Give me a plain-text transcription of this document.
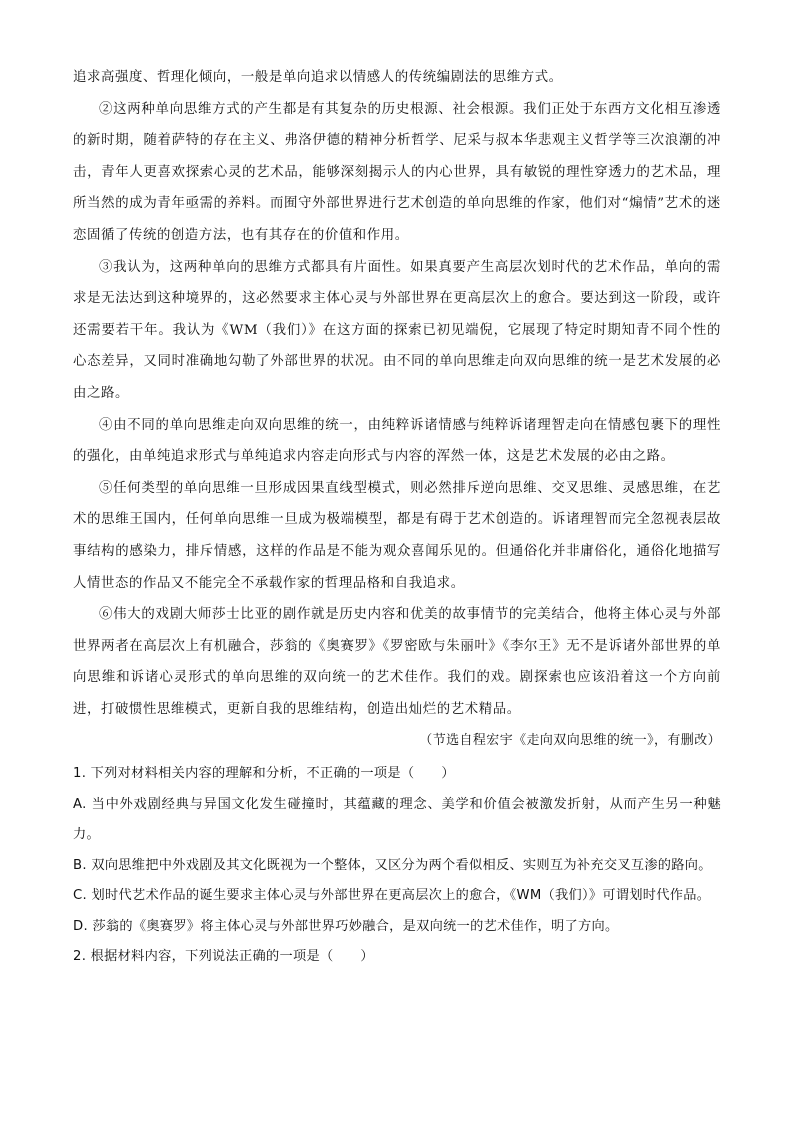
追求高强度、哲理化倾向，一般是单向追求以情感人的传统编剧法的思维方式。

②这两种单向思维方式的产生都是有其复杂的历史根源、社会根源。我们正处于东西方文化相互渗透的新时期，随着萨特的存在主义、弗洛伊德的精神分析哲学、尼采与叔本华悲观主义哲学等三次浪潮的冲击，青年人更喜欢探索心灵的艺术品，能够深刻揭示人的内心世界，具有敏锐的理性穿透力的艺术品，理所当然的成为青年亟需的养料。而囿守外部世界进行艺术创造的单向思维的作家，他们对“煽情”艺术的迷恋固循了传统的创造方法，也有其存在的价值和作用。

③我认为，这两种单向的思维方式都具有片面性。如果真要产生高层次划时代的艺术作品，单向的需求是无法达到这种境界的，这必然要求主体心灵与外部世界在更高层次上的愈合。要达到这一阶段，或许还需要若干年。我认为《WM（我们）》在这方面的探索已初见端倪，它展现了特定时期知青不同个性的心态差异，又同时准确地勾勒了外部世界的状况。由不同的单向思维走向双向思维的统一是艺术发展的必由之路。

④由不同的单向思维走向双向思维的统一，由纯粹诉诸情感与纯粹诉诸理智走向在情感包裹下的理性的强化，由单纯追求形式与单纯追求内容走向形式与内容的浑然一体，这是艺术发展的必由之路。

⑤任何类型的单向思维一旦形成因果直线型模式，则必然排斥逆向思维、交叉思维、灵感思维，在艺术的思维王国内，任何单向思维一旦成为极端模型，都是有碍于艺术创造的。诉诸理智而完全忽视表层故事结构的感染力，排斥情感，这样的作品是不能为观众喜闻乐见的。但通俗化并非庸俗化，通俗化地描写人情世态的作品又不能完全不承载作家的哲理品格和自我追求。

⑥伟大的戏剧大师莎士比亚的剧作就是历史内容和优美的故事情节的完美结合，他将主体心灵与外部世界两者在高层次上有机融合，莎翁的《奥赛罗》《罗密欧与朱丽叶》《李尔王》无不是诉诸外部世界的单向思维和诉诸心灵形式的单向思维的双向统一的艺术佳作。我们的戏。剧探索也应该沿着这一个方向前进，打破惯性思维模式，更新自我的思维结构，创造出灿烂的艺术精品。

（节选自程宏宇《走向双向思维的统一》，有删改）

1. 下列对材料相关内容的理解和分析，不正确的一项是（　　）

A. 当中外戏剧经典与异国文化发生碰撞时，其蕴藏的理念、美学和价值会被激发折射，从而产生另一种魅力。

B. 双向思维把中外戏剧及其文化既视为一个整体，又区分为两个看似相反、实则互为补充交叉互渗的路向。

C. 划时代艺术作品的诞生要求主体心灵与外部世界在更高层次上的愈合，《WM（我们）》可谓划时代作品。

D. 莎翁的《奥赛罗》将主体心灵与外部世界巧妙融合，是双向统一的艺术佳作，明了方向。

2. 根据材料内容，下列说法正确的一项是（　　）
